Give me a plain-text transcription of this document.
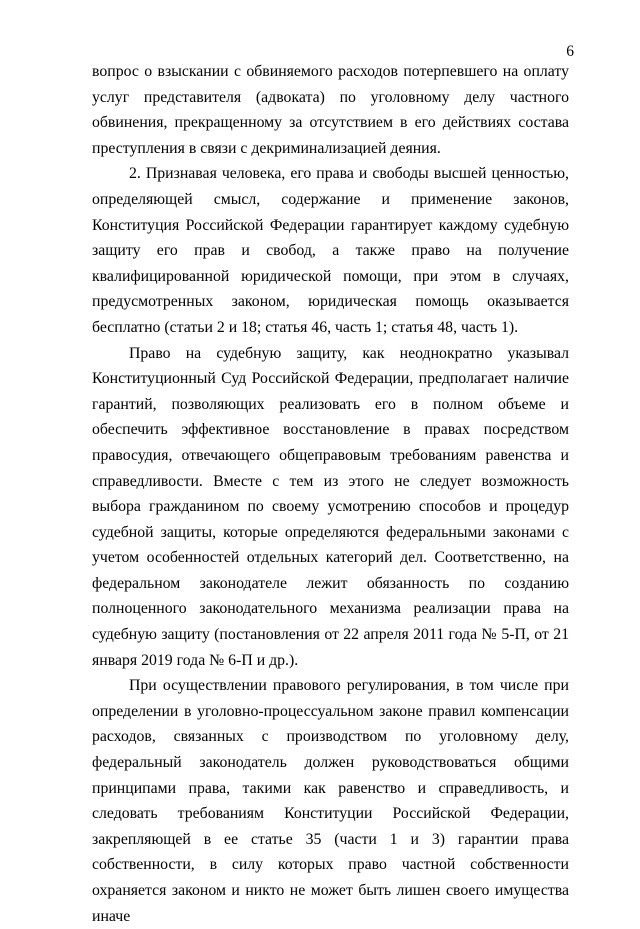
6

вопрос о взыскании с обвиняемого расходов потерпевшего на оплату услуг представителя (адвоката) по уголовному делу частного обвинения, прекращенному за отсутствием в его действиях состава преступления в связи с декриминализацией деяния.

2. Признавая человека, его права и свободы высшей ценностью, определяющей смысл, содержание и применение законов, Конституция Российской Федерации гарантирует каждому судебную защиту его прав и свобод, а также право на получение квалифицированной юридической помощи, при этом в случаях, предусмотренных законом, юридическая помощь оказывается бесплатно (статьи 2 и 18; статья 46, часть 1; статья 48, часть 1).

Право на судебную защиту, как неоднократно указывал Конституционный Суд Российской Федерации, предполагает наличие гарантий, позволяющих реализовать его в полном объеме и обеспечить эффективное восстановление в правах посредством правосудия, отвечающего общеправовым требованиям равенства и справедливости. Вместе с тем из этого не следует возможность выбора гражданином по своему усмотрению способов и процедур судебной защиты, которые определяются федеральными законами с учетом особенностей отдельных категорий дел. Соответственно, на федеральном законодателе лежит обязанность по созданию полноценного законодательного механизма реализации права на судебную защиту (постановления от 22 апреля 2011 года № 5-П, от 21 января 2019 года № 6-П и др.).

При осуществлении правового регулирования, в том числе при определении в уголовно-процессуальном законе правил компенсации расходов, связанных с производством по уголовному делу, федеральный законодатель должен руководствоваться общими принципами права, такими как равенство и справедливость, и следовать требованиям Конституции Российской Федерации, закрепляющей в ее статье 35 (части 1 и 3) гарантии права собственности, в силу которых право частной собственности охраняется законом и никто не может быть лишен своего имущества иначе
